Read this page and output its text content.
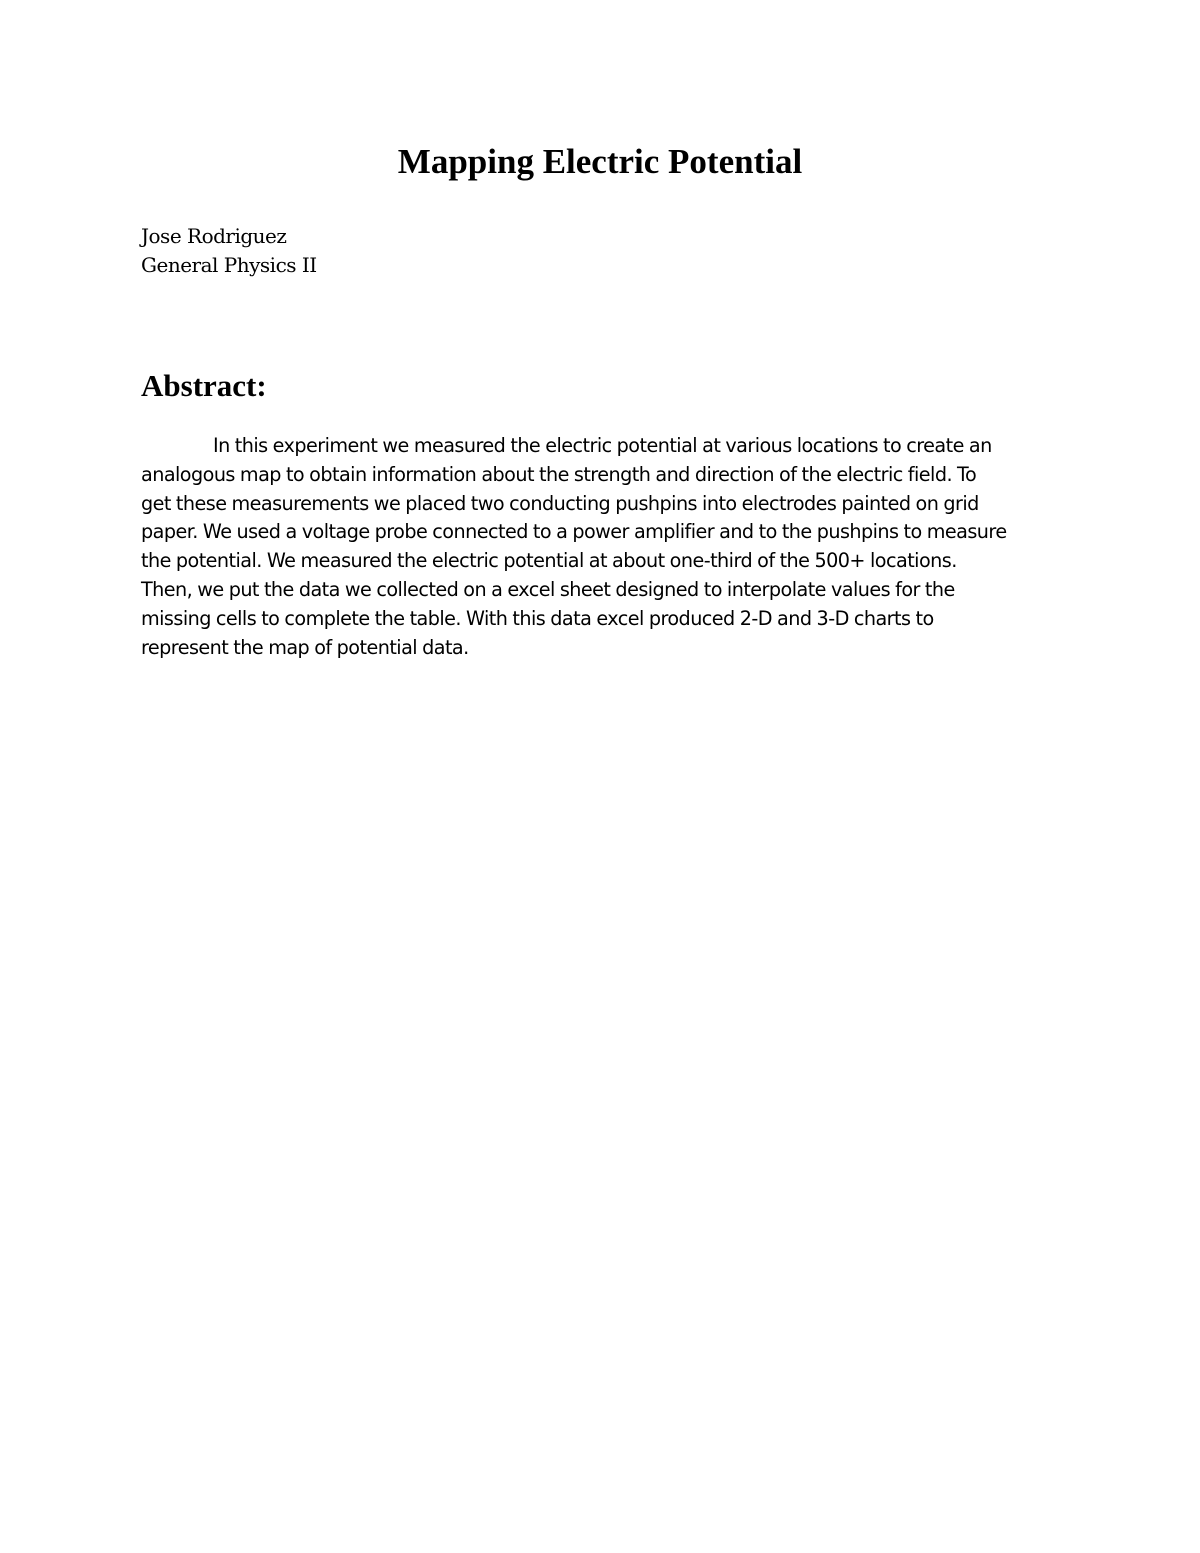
Mapping Electric Potential
Jose Rodriguez
General Physics II
Abstract:
In this experiment we measured the electric potential at various locations to create an
analogous map to obtain information about the strength and direction of the electric field. To
get these measurements we placed two conducting pushpins into electrodes painted on grid
paper. We used a voltage probe connected to a power amplifier and to the pushpins to measure
the potential. We measured the electric potential at about one-third of the 500+ locations.
Then, we put the data we collected on a excel sheet designed to interpolate values for the
missing cells to complete the table. With this data excel produced 2-D and 3-D charts to
represent the map of potential data.
